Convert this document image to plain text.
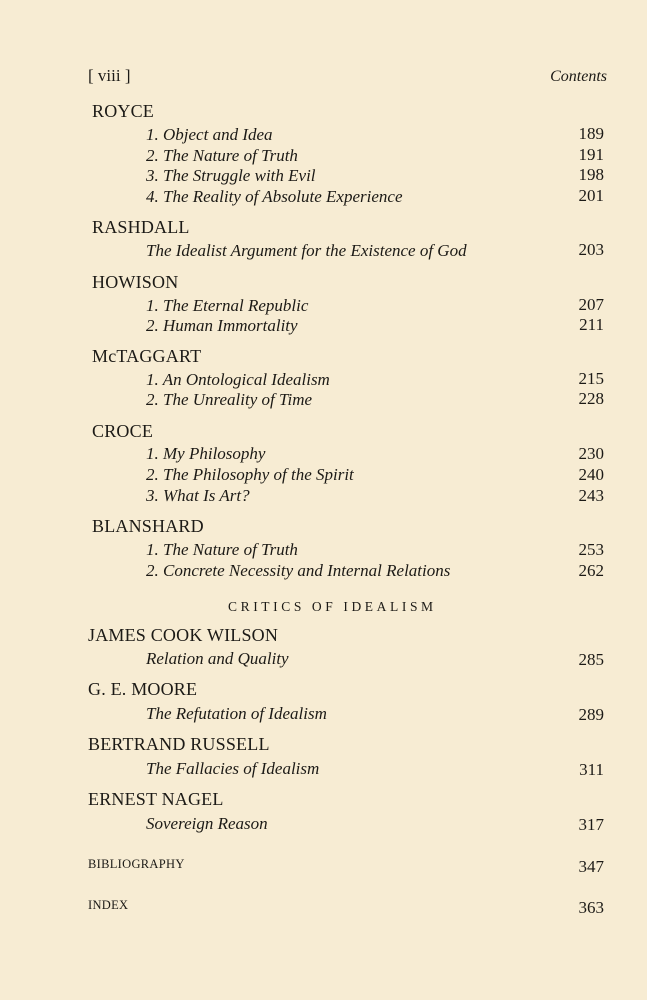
[ viii ]	Contents
ROYCE
1. Object and Idea	189
2. The Nature of Truth	191
3. The Struggle with Evil	198
4. The Reality of Absolute Experience	201
RASHDALL
The Idealist Argument for the Existence of God	203
HOWISON
1. The Eternal Republic	207
2. Human Immortality	211
McTAGGART
1. An Ontological Idealism	215
2. The Unreality of Time	228
CROCE
1. My Philosophy	230
2. The Philosophy of the Spirit	240
3. What Is Art?	243
BLANSHARD
1. The Nature of Truth	253
2. Concrete Necessity and Internal Relations	262
CRITICS OF IDEALISM
JAMES COOK WILSON
Relation and Quality	285
G. E. MOORE
The Refutation of Idealism	289
BERTRAND RUSSELL
The Fallacies of Idealism	311
ERNEST NAGEL
Sovereign Reason	317
BIBLIOGRAPHY	347
INDEX	363
